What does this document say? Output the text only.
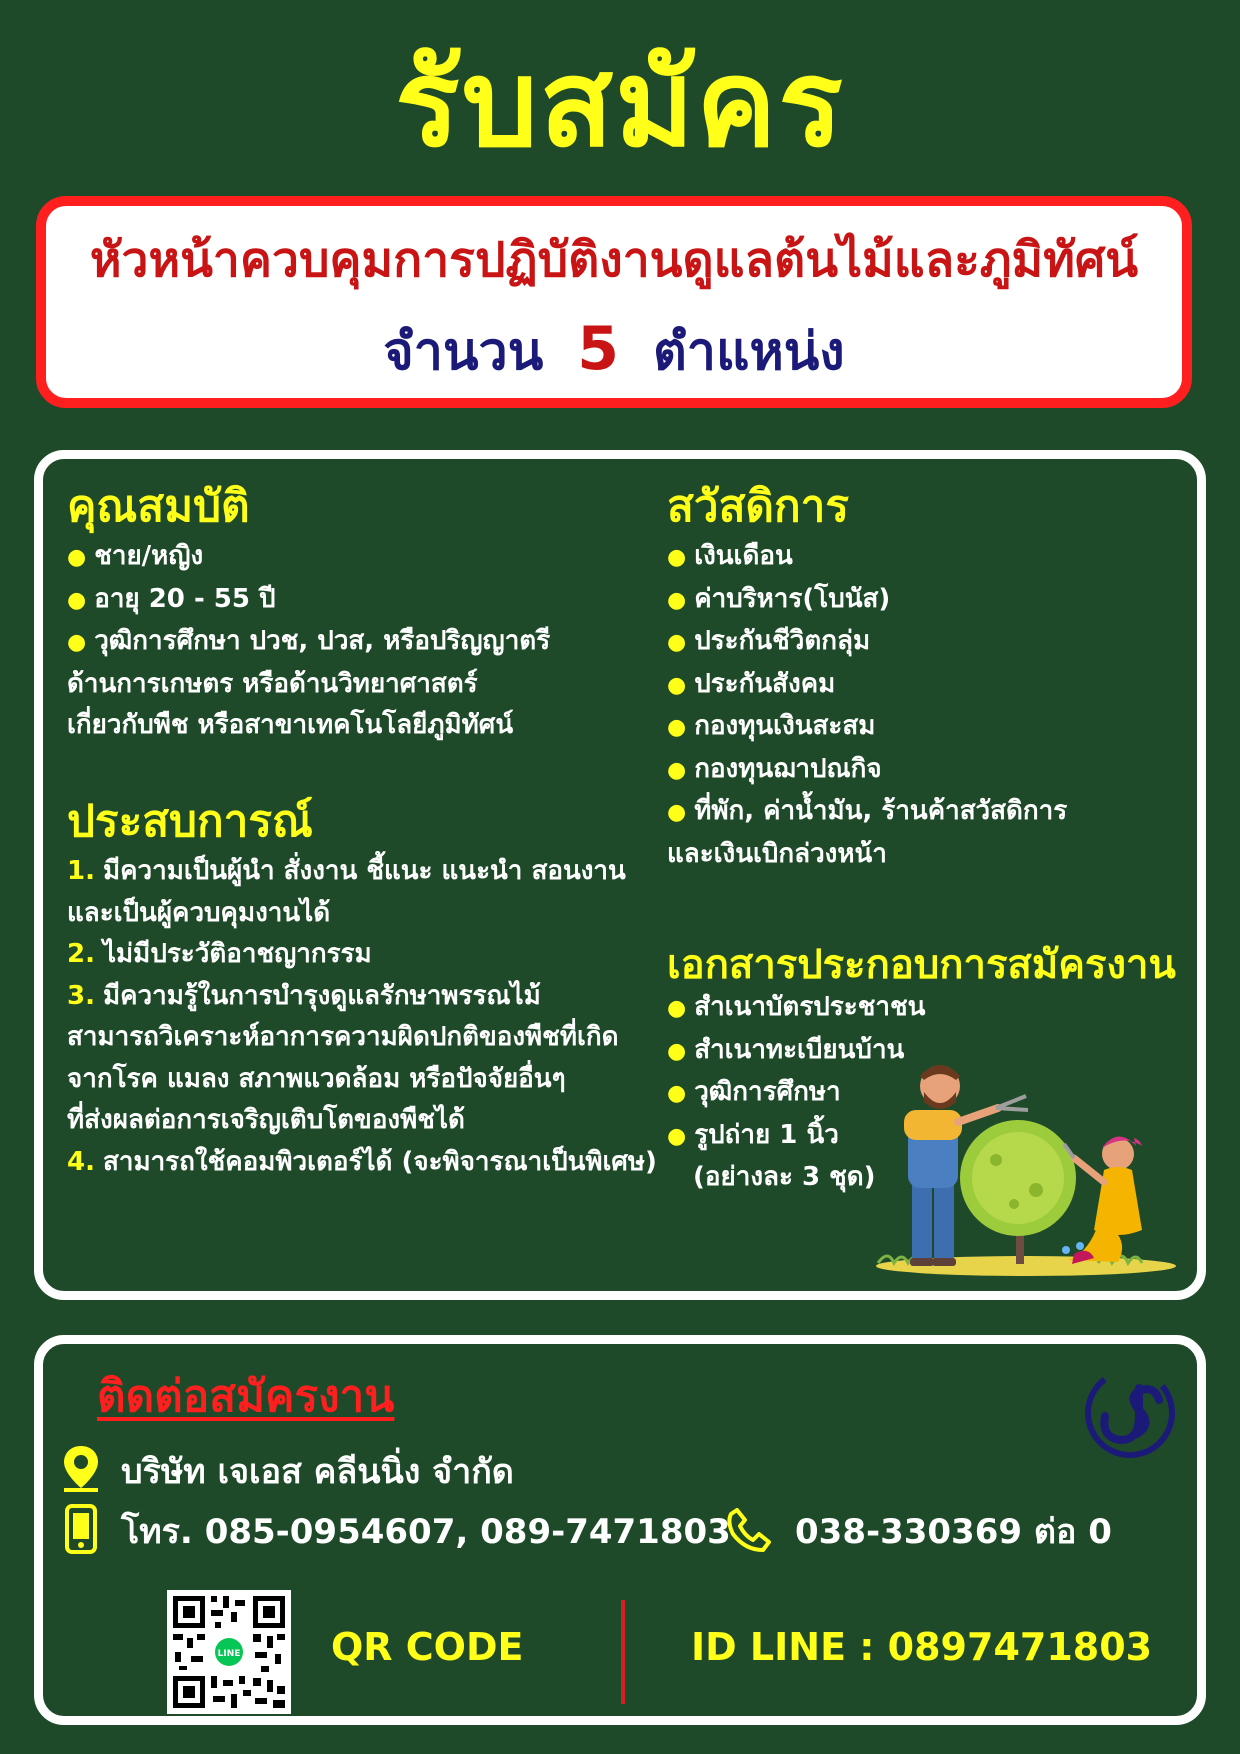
รับสมัคร
หัวหน้าควบคุมการปฏิบัติงานดูแลต้นไม้และภูมิทัศน์
จำนวน 5 ตำแหน่ง
คุณสมบัติ
● ชาย/หญิง
● อายุ 20 - 55 ปี
● วุฒิการศึกษา ปวช, ปวส, หรือปริญญาตรี
ด้านการเกษตร หรือด้านวิทยาศาสตร์
เกี่ยวกับพืช หรือสาขาเทคโนโลยีภูมิทัศน์
ประสบการณ์
1. มีความเป็นผู้นำ สั่งงาน ชี้แนะ แนะนำ สอนงาน
และเป็นผู้ควบคุมงานได้
2. ไม่มีประวัติอาชญากรรม
3. มีความรู้ในการบำรุงดูแลรักษาพรรณไม้
สามารถวิเคราะห์อาการความผิดปกติของพืชที่เกิด
จากโรค แมลง สภาพแวดล้อม หรือปัจจัยอื่นๆ
ที่ส่งผลต่อการเจริญเติบโตของพืชได้
4. สามารถใช้คอมพิวเตอร์ได้ (จะพิจารณาเป็นพิเศษ)
สวัสดิการ
● เงินเดือน
● ค่าบริหาร(โบนัส)
● ประกันชีวิตกลุ่ม
● ประกันสังคม
● กองทุนเงินสะสม
● กองทุนฌาปณกิจ
● ที่พัก, ค่าน้ำมัน, ร้านค้าสวัสดิการ
และเงินเบิกล่วงหน้า
เอกสารประกอบการสมัครงาน
● สำเนาบัตรประชาชน
● สำเนาทะเบียนบ้าน
● วุฒิการศึกษา
● รูปถ่าย 1 นิ้ว
(อย่างละ 3 ชุด)
ติดต่อสมัครงาน
บริษัท เจเอส คลีนนิ่ง จำกัด
โทร. 085-0954607, 089-7471803 038-330369 ต่อ 0
LINE QR CODE	ID LINE : 0897471803
